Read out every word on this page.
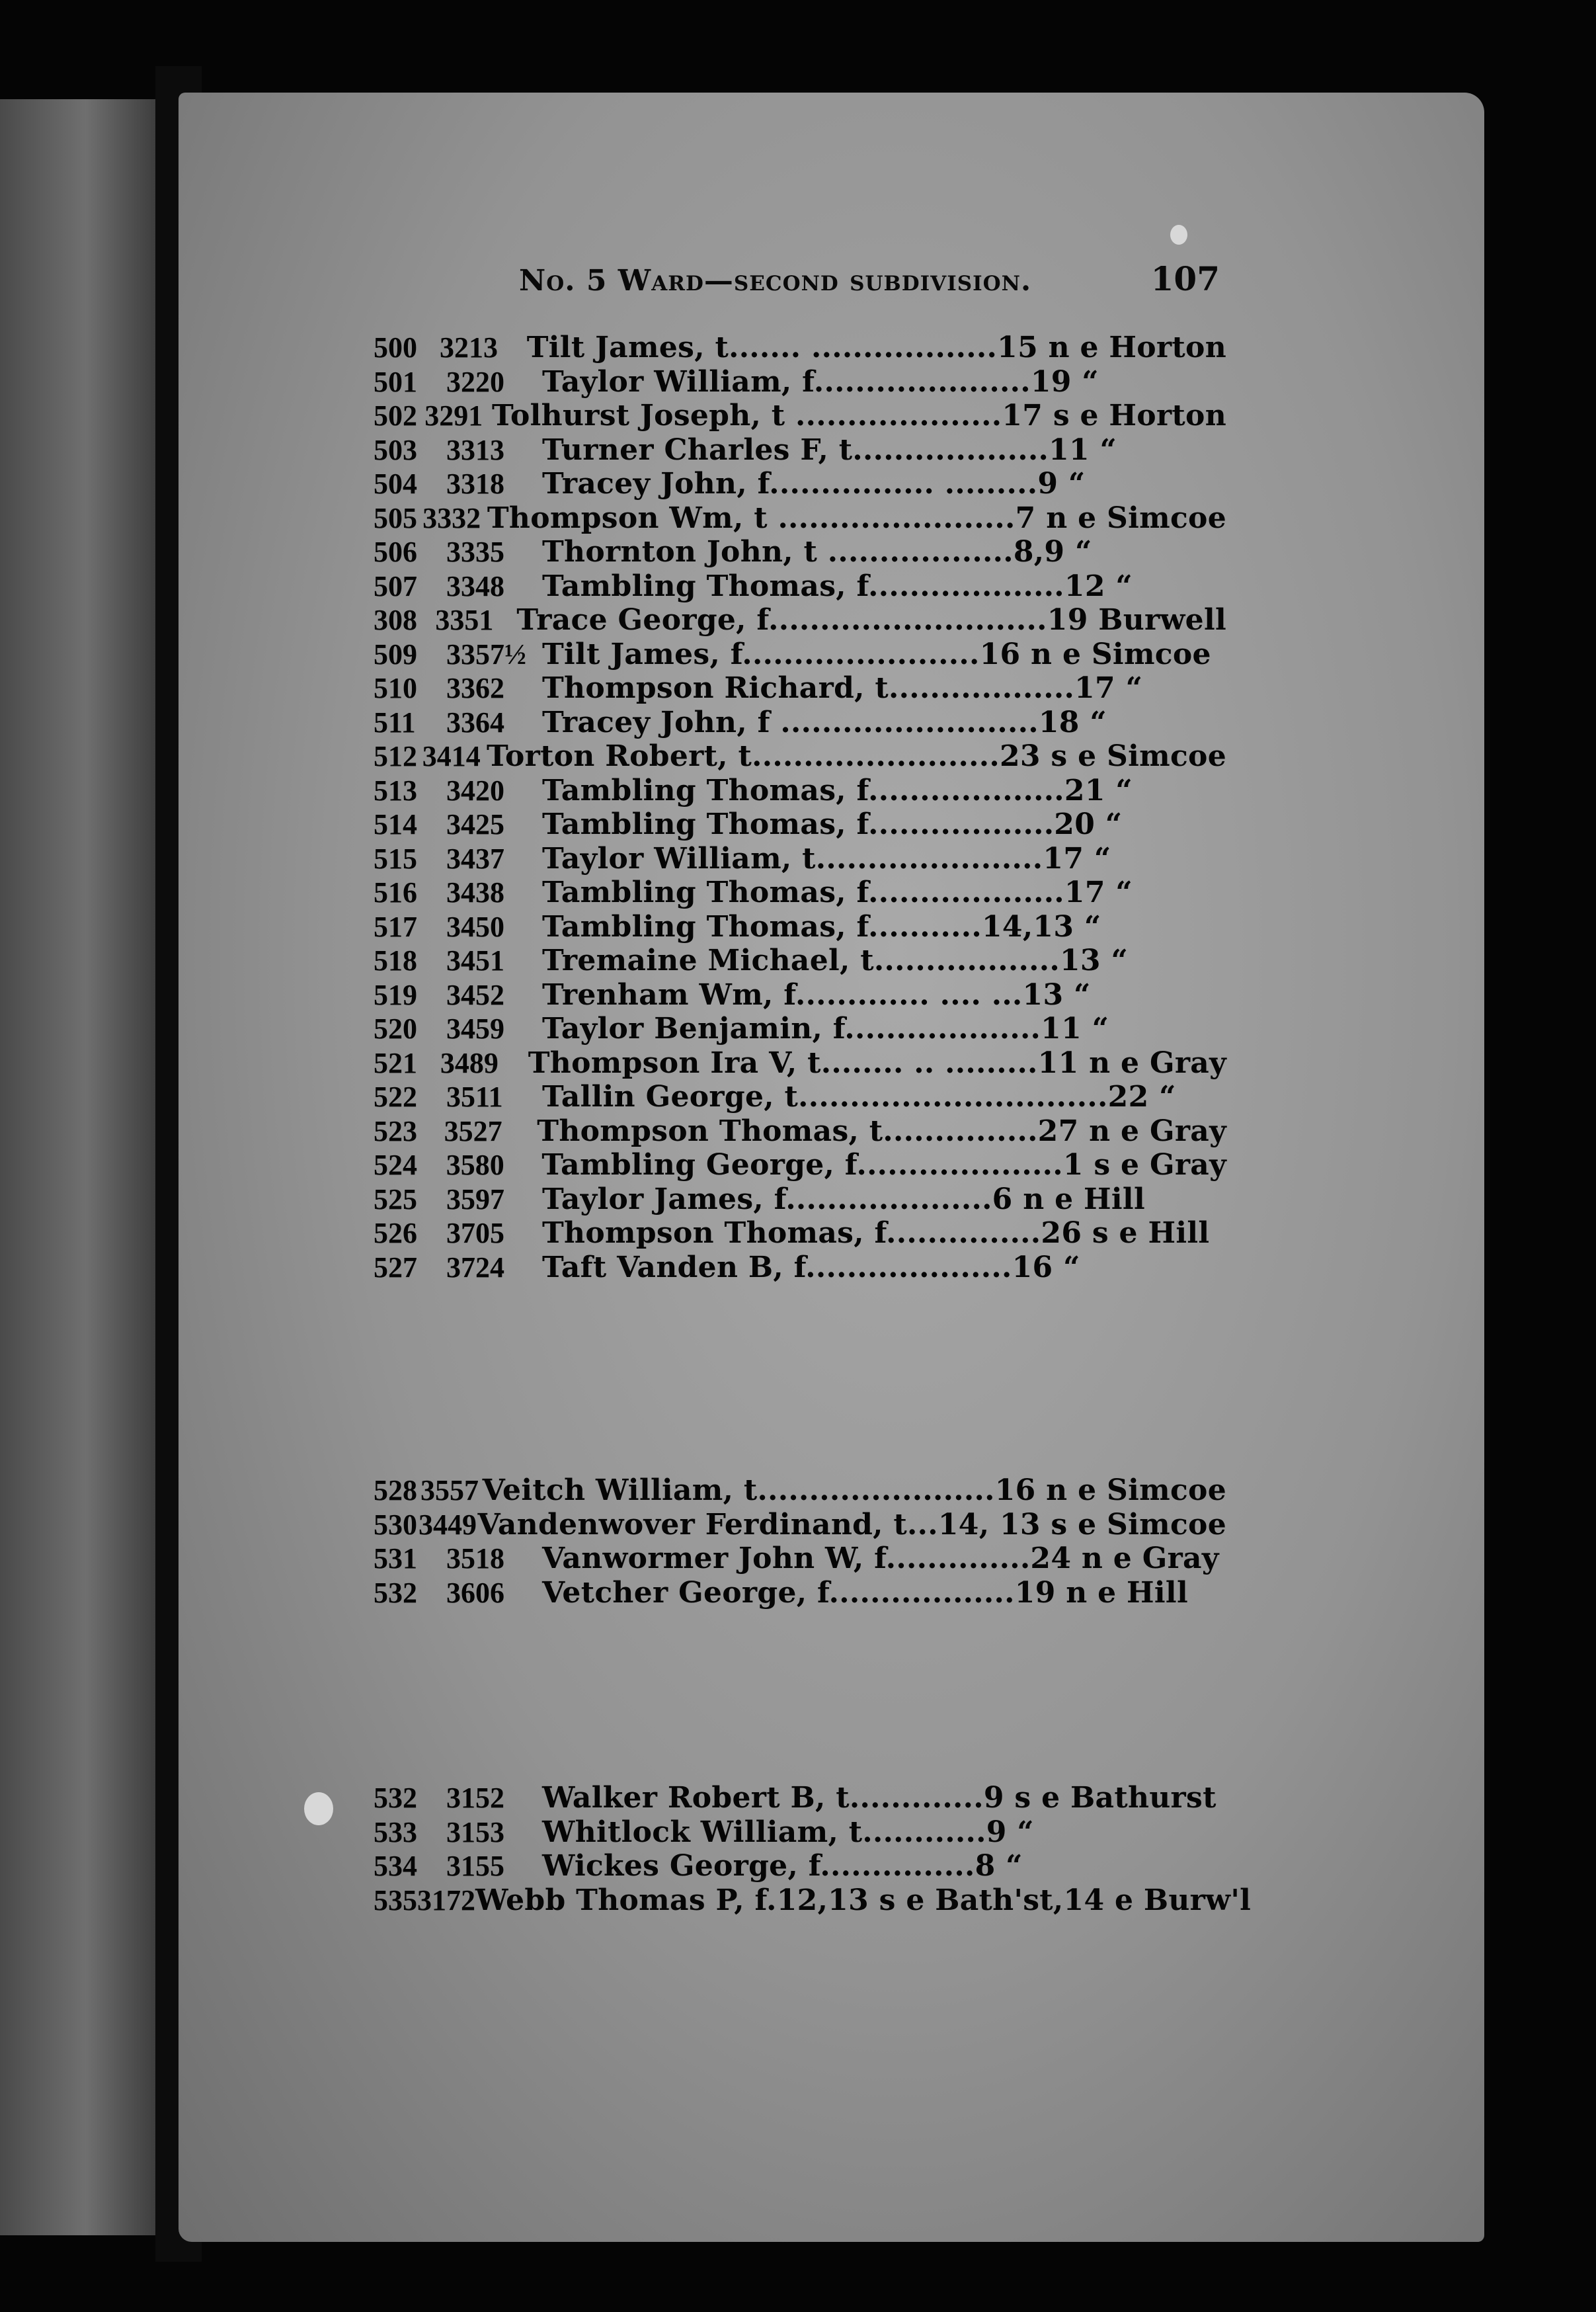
No. 5 Ward—second subdivision.	107
500 3213 Tilt James, t....... ..................15 n e Horton
501	3220	Taylor William, f.....................19 “
502 3291 Tolhurst Joseph, t ....................17 s e Horton
503	3313	Turner Charles F, t...................11 “
504	3318	Tracey John, f................ .........9 “
505 3332 Thompson Wm, t .......................7 n e Simcoe
506	3335	Thornton John, t ..................8,9 “
507	3348	Tambling Thomas, f...................12 “
308 3351 Trace George, f...........................19 Burwell
509	3357½ Tilt James, f.......................16 n e Simcoe
510	3362	Thompson Richard, t..................17 “
511	3364	Tracey John, f .........................18 “
512 3414 Torton Robert, t........................23 s e Simcoe
513	3420	Tambling Thomas, f...................21 “
514	3425	Tambling Thomas, f..................20 “
515	3437	Taylor William, t......................17 “
516	3438	Tambling Thomas, f...................17 “
517	3450	Tambling Thomas, f...........14,13 “
518	3451	Tremaine Michael, t..................13 “
519	3452	Trenham Wm, f............. .... ...13 “
520	3459	Taylor Benjamin, f...................11 “
521 3489	Thompson Ira V, t........ .. .........11 n e Gray
522	3511	Tallin George, t..............................22 “
523 3527	Thompson Thomas, t...............27 n e Gray
524 3580	Tambling George, f....................1 s e Gray
525	3597	Taylor James, f....................6 n e Hill
526	3705	Thompson Thomas, f...............26 s e Hill
527	3724	Taft Vanden B, f....................16 “
528 3557 Veitch William, t.......................16 n e Simcoe
530 3449 Vandenwover Ferdinand, t...14, 13 s e Simcoe
531	3518	Vanwormer John W, f..............24 n e Gray
532	3606	Vetcher George, f..................19 n e Hill
532	3152	Walker Robert B, t.............9 s e Bathurst
533	3153	Whitlock William, t............9 “
534	3155	Wickes George, f...............8 “
535 3172 Webb Thomas P, f.12,13 s e Bath'st,14 e Burw'l
